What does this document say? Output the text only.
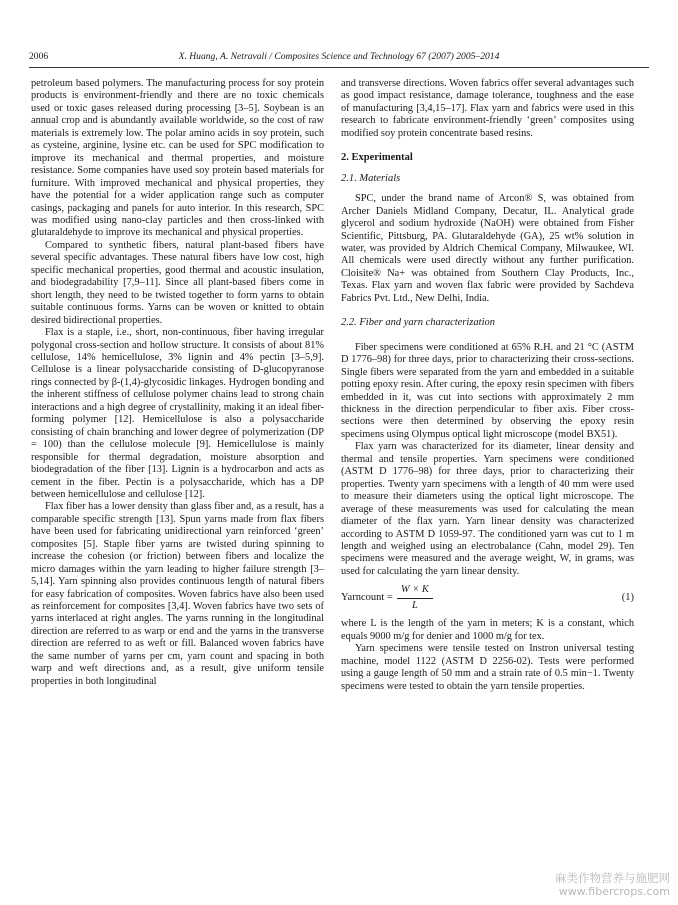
2006	X. Huang, A. Netravali / Composites Science and Technology 67 (2007) 2005–2014

petroleum based polymers. The manufacturing process for soy protein products is environment-friendly and there are no toxic chemicals used or toxic gases released during processing [3–5]. Soybean is an annual crop and is abundantly available worldwide, so the cost of raw materials is extremely low. The polar amino acids in soy protein, such as cysteine, arginine, lysine etc. can be used for SPC modification to improve its mechanical and thermal properties, and moisture resistance. Some companies have used soy protein based materials for furniture. With improved mechanical and physical properties, they have the potential for a wider application range such as computer casings, packaging and panels for auto interior. In this research, SPC was modified using nano-clay particles and then cross-linked with glutaraldehyde to improve its mechanical and physical properties.

Compared to synthetic fibers, natural plant-based fibers have several specific advantages. These natural fibers have low cost, high specific mechanical properties, good thermal and acoustic insulation, and biodegradability [7,9–11]. Since all plant-based fibers come in short length, they need to be twisted together to form yarns to obtain suitable continuous forms. Yarns can be woven or knitted to obtain desired bidirectional properties.

Flax is a staple, i.e., short, non-continuous, fiber having irregular polygonal cross-section and hollow structure. It consists of about 81% cellulose, 14% hemicellulose, 3% lignin and 4% pectin [3–5,9]. Cellulose is a linear polysaccharide consisting of D-glucopyranose rings connected by β-(1,4)-glycosidic linkages. Hydrogen bonding and the inherent stiffness of cellulose polymer chains lead to strong chain interactions and a high degree of crystallinity, making it an ideal fiber-forming polymer [12]. Hemicellulose is also a polysaccharide consisting of chain branching and lower degree of polymerization (DP = 100) than the cellulose molecule [9]. Hemicellulose is mainly responsible for thermal degradation, moisture absorption and biodegradation of the fiber [13]. Lignin is a hydrocarbon and acts as cement in the fiber. Pectin is a polysaccharide, which has a DP between hemicellulose and cellulose [12].

Flax fiber has a lower density than glass fiber and, as a result, has a comparable specific strength [13]. Spun yarns made from flax fibers have been used for fabricating unidirectional yarn reinforced ‘green’ composites [5]. Staple fiber yarns are twisted during spinning to increase the cohesion (or friction) between fibers and localize the micro damages within the yarn leading to higher failure strength [3–5,14]. Yarn spinning also provides continuous length of natural fibers for easy fabrication of composites. Woven fabrics have also been used as reinforcement for composites [3,4]. Woven fabrics have two sets of yarns interlaced at right angles. The yarns running in the longitudinal direction are referred to as warp or end and the yarns in the transverse direction are referred to as weft or fill. Balanced woven fabrics have the same number of yarns per cm, yarn count and spacing in both warp and weft directions and, as a result, give uniform tensile properties in both longitudinal

and transverse directions. Woven fabrics offer several advantages such as good impact resistance, damage tolerance, toughness and the ease of manufacturing [3,4,15–17]. Flax yarn and fabrics were used in this research to fabricate environment-friendly ‘green’ composites using modified soy protein concentrate based resins.

2. Experimental
2.1. Materials

SPC, under the brand name of Arcon® S, was obtained from Archer Daniels Midland Company, Decatur, IL. Analytical grade glycerol and sodium hydroxide (NaOH) were obtained from Fisher Scientific, Pittsburg, PA. Glutaraldehyde (GA), 25 wt% solution in water, was provided by Aldrich Chemical Company, Milwaukee, WI. All chemicals were used directly without any further purification. Cloisite® Na+ was obtained from Southern Clay Products, Inc., Texas. Flax yarn and woven flax fabric were provided by Sachdeva Fabrics Pvt. Ltd., New Delhi, India.

2.2. Fiber and yarn characterization

Fiber specimens were conditioned at 65% R.H. and 21 °C (ASTM D 1776–98) for three days, prior to characterizing their cross-sections. Single fibers were separated from the yarn and embedded in a suitable potting epoxy resin. After curing, the epoxy resin specimen with fibers embedded in it, was cut into sections with approximately 2 mm thickness in the direction perpendicular to fiber axis. Fiber cross-sections were then determined by observing the epoxy resin specimens using Olympus optical light microscope (model BX51).

Flax yarn was characterized for its diameter, linear density and thermal and tensile properties. Yarn specimens were conditioned (ASTM D 1776–98) for three days, prior to characterizing their properties. Twenty yarn specimens with a length of 40 mm were used to measure their diameters using the optical light microscope. The average of these measurements was used for calculating the mean diameter of the flax yarn. Yarn linear density was characterized according to ASTM D 1059-97. The conditioned yarn was cut to 1 m length and weighed using an electrobalance (Cahn, model 29). Ten specimens were measured and the average weight, W, in grams, was used for calculating the yarn linear density.

Yarncount = $\frac{W \times K}{L}$	(1)

where L is the length of the yarn in meters; K is a constant, which equals 9000 m/g for denier and 1000 m/g for tex.

Yarn specimens were tensile tested on Instron universal testing machine, model 1122 (ASTM D 2256-02). Tests were performed using a gauge length of 50 mm and a strain rate of 0.5 min−1. Twenty specimens were tested to obtain the yarn tensile properties.

麻类作物营养与施肥网
www.fibercrops.com
